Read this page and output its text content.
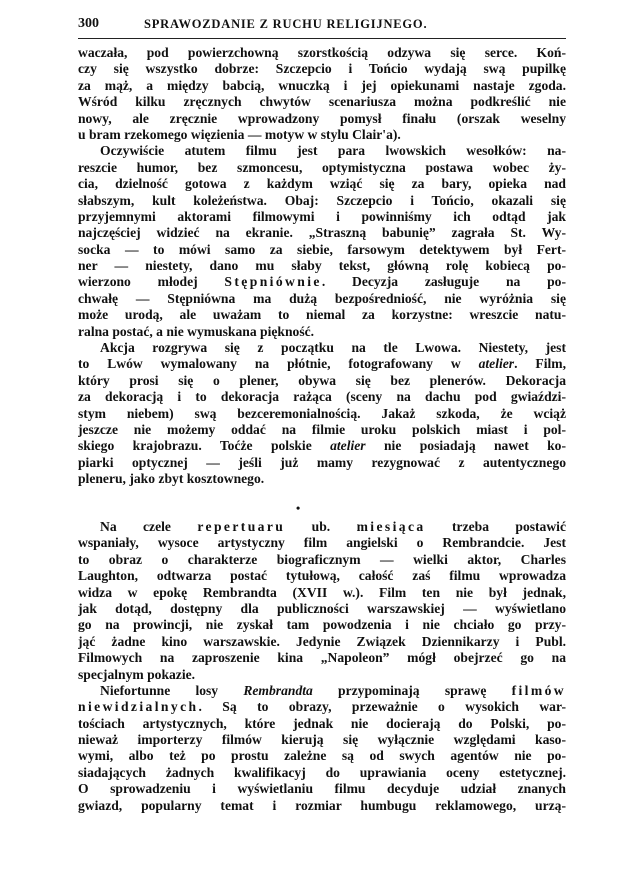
300	SPRAWOZDANIE Z RUCHU RELIGIJNEGO.
waczała, pod powierzchowną szorstkością odzywa się serce. Koń-
czy się wszystko dobrze: Szczepcio i Tońcio wydają swą pupilkę
za mąż, a między babcią, wnuczką i jej opiekunami nastaje zgoda.
Wśród kilku zręcznych chwytów scenariusza można podkreślić nie
nowy, ale zręcznie wprowadzony pomysł finału (orszak weselny
u bram rzekomego więzienia — motyw w stylu Clair'a).
Oczywiście atutem filmu jest para lwowskich wesołków: na-
reszcie humor, bez szmoncesu, optymistyczna postawa wobec ży-
cia, dzielność gotowa z każdym wziąć się za bary, opieka nad
słabszym, kult koleżeństwa. Obaj: Szczepcio i Tońcio, okazali się
przyjemnymi aktorami filmowymi i powinniśmy ich odtąd jak
najczęściej widzieć na ekranie. „Straszną babunię” zagrała St. Wy-
socka — to mówi samo za siebie, farsowym detektywem był Fert-
ner — niestety, dano mu słaby tekst, główną rolę kobiecą po-
wierzono młodej Stępniównie. Decyzja zasługuje na po-
chwałę — Stępniówna ma dużą bezpośredniość, nie wyróżnia się
może urodą, ale uważam to niemal za korzystne: wreszcie natu-
ralna postać, a nie wymuskana piękność.
Akcja rozgrywa się z początku na tle Lwowa. Niestety, jest
to Lwów wymalowany na płótnie, fotografowany w atelier. Film,
który prosi się o plener, obywa się bez plenerów. Dekoracja
za dekoracją i to dekoracja rażąca (sceny na dachu pod gwiaździ-
stym niebem) swą bezceremonialnością. Jakaż szkoda, że wciąż
jeszcze nie możemy oddać na filmie uroku polskich miast i pol-
skiego krajobrazu. Toćże polskie atelier nie posiadają nawet ko-
piarki optycznej — jeśli już mamy rezygnować z autentycznego
pleneru, jako zbyt kosztownego.
•
Na czele repertuaru ub. miesiąca trzeba postawić
wspaniały, wysoce artystyczny film angielski o Rembrandcie. Jest
to obraz o charakterze biograficznym — wielki aktor, Charles
Laughton, odtwarza postać tytułową, całość zaś filmu wprowadza
widza w epokę Rembrandta (XVII w.). Film ten nie był jednak,
jak dotąd, dostępny dla publiczności warszawskiej — wyświetlano
go na prowincji, nie zyskał tam powodzenia i nie chciało go przy-
jąć żadne kino warszawskie. Jedynie Związek Dziennikarzy i Publ.
Filmowych na zaproszenie kina „Napoleon” mógł obejrzeć go na
specjalnym pokazie.
Niefortunne losy Rembrandta przypominają sprawę filmów
niewidzialnych. Są to obrazy, przeważnie o wysokich war-
tościach artystycznych, które jednak nie docierają do Polski, po-
nieważ importerzy filmów kierują się wyłącznie względami kaso-
wymi, albo też po prostu zależne są od swych agentów nie po-
siadających żadnych kwalifikacyj do uprawiania oceny estetycznej.
O sprowadzeniu i wyświetlaniu filmu decyduje udział znanych
gwiazd, popularny temat i rozmiar humbugu reklamowego, urzą-
